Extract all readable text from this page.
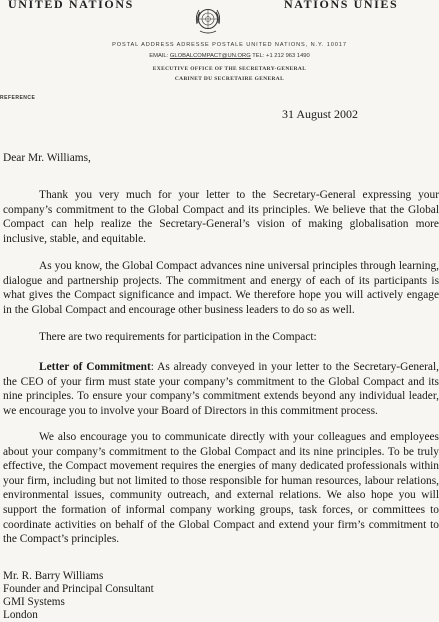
UNITED NATIONS	NATIONS UNIES
POSTAL ADDRESS ADRESSE POSTALE UNITED NATIONS, N.Y. 10017
EMAIL: GLOBALCOMPACT@UN.ORG TEL: +1 212 963 1490
EXECUTIVE OFFICE OF THE SECRETARY-GENERAL
CABINET DU SECRETAIRE GENERAL
REFERENCE
31 August 2002
Dear Mr. Williams,
Thank you very much for your letter to the Secretary-General expressing your company’s commitment to the Global Compact and its principles. We believe that the Global Compact can help realize the Secretary-General’s vision of making globalisation more inclusive, stable, and equitable.
As you know, the Global Compact advances nine universal principles through learning, dialogue and partnership projects. The commitment and energy of each of its participants is what gives the Compact significance and impact. We therefore hope you will actively engage in the Global Compact and encourage other business leaders to do so as well.
There are two requirements for participation in the Compact:
Letter of Commitment: As already conveyed in your letter to the Secretary-General, the CEO of your firm must state your company’s commitment to the Global Compact and its nine principles. To ensure your company’s commitment extends beyond any individual leader, we encourage you to involve your Board of Directors in this commitment process.
We also encourage you to communicate directly with your colleagues and employees about your company’s commitment to the Global Compact and its nine principles. To be truly effective, the Compact movement requires the energies of many dedicated professionals within your firm, including but not limited to those responsible for human resources, labour relations, environmental issues, community outreach, and external relations. We also hope you will support the formation of informal company working groups, task forces, or committees to coordinate activities on behalf of the Global Compact and extend your firm’s commitment to the Compact’s principles.
Mr. R. Barry Williams
Founder and Principal Consultant
GMI Systems
London
